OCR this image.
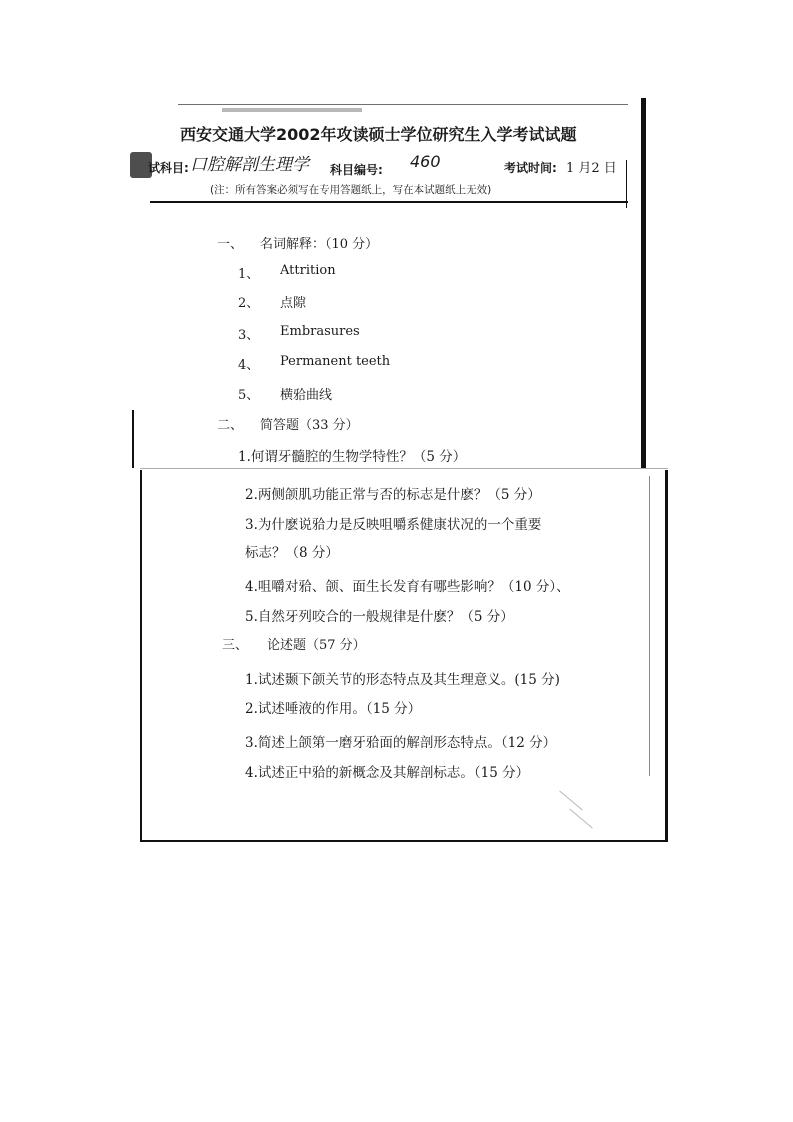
西安交通大学2002年攻读硕士学位研究生入学考试试题
试科目: 口腔解剖生理学 科目编号: 460	考试时间: 1 月2 日
(注：所有答案必须写在专用答题纸上，写在本试题纸上无效)
一、 名词解释：（10 分）
1、 Attrition
2、 点隙
3、 Embrasures
4、 Permanent teeth
5、 横𬌗曲线
二、 简答题（33 分）
1.何谓牙髓腔的生物学特性？（5 分）
2.两侧颌肌功能正常与否的标志是什麽？（5 分）
3.为什麽说𬌗力是反映咀嚼系健康状况的一个重要
标志？（8 分）
4.咀嚼对𬌗、颌、面生长发育有哪些影响？（10 分）、
5.自然牙列咬合的一般规律是什麽？（5 分）
三、 论述题（57 分）
1.试述颞下颌关节的形态特点及其生理意义。(15 分)
2.试述唾液的作用。（15 分）
3.简述上颌第一磨牙𬌗面的解剖形态特点。（12 分）
4.试述正中𬌗的新概念及其解剖标志。（15 分）
